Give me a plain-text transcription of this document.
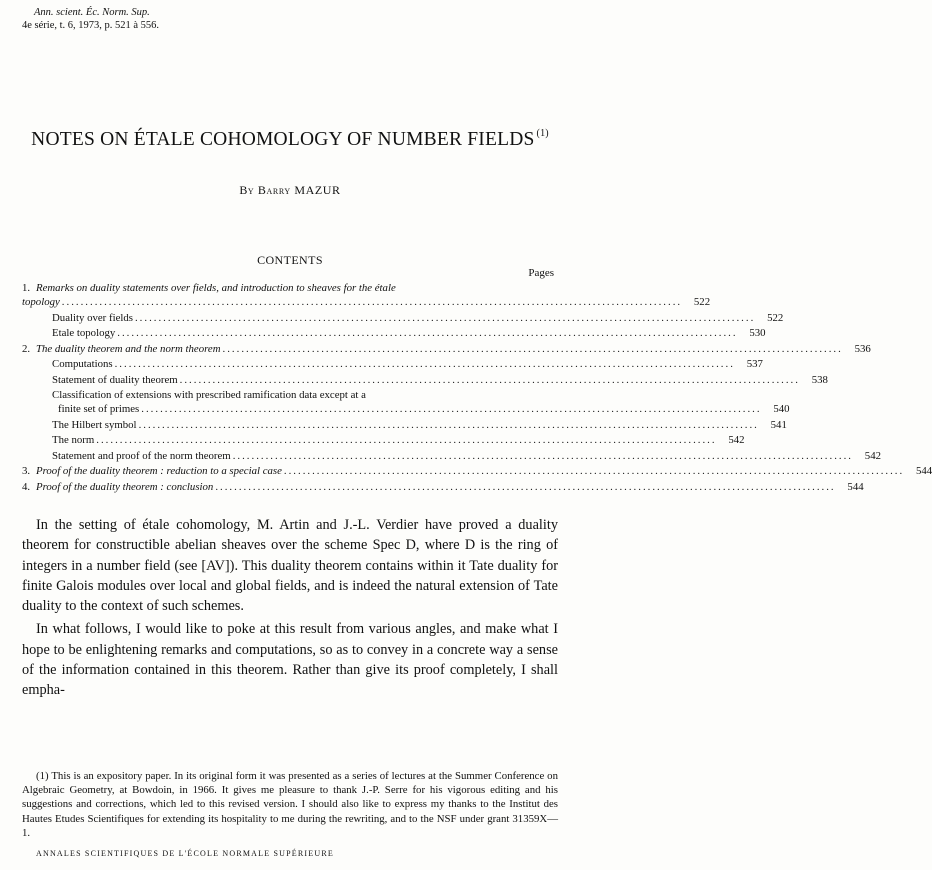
Ann. scient. Éc. Norm. Sup.
4e série, t. 6, 1973, p. 521 à 556.
NOTES ON ÉTALE COHOMOLOGY OF NUMBER FIELDS $^{(1)}$
By Barry MAZUR
CONTENTS
Pages
1. Remarks on duality statements over fields, and introduction to sheaves for the étale
topology ....................................................................................................................................	522
Duality over fields ....................................................................................................................................	522
Etale topology ....................................................................................................................................	530
2. The duality theorem and the norm theorem ....................................................................................................................................	536
Computations ....................................................................................................................................	537
Statement of duality theorem ....................................................................................................................................	538
Classification of extensions with prescribed ramification data except at a
finite set of primes ....................................................................................................................................	540
The Hilbert symbol ....................................................................................................................................	541
The norm ....................................................................................................................................	542
Statement and proof of the norm theorem ....................................................................................................................................	542
3. Proof of the duality theorem : reduction to a special case ....................................................................................................................................	544
4. Proof of the duality theorem : conclusion ....................................................................................................................................	544

In the setting of étale cohomology, M. Artin and J.-L. Verdier have proved a duality theorem for constructible abelian sheaves over the scheme Spec D, where D is the ring of integers in a number field (see [AV]). This duality theorem contains within it Tate duality for finite Galois modules over local and global fields, and is indeed the natural extension of Tate duality to the context of such schemes.

In what follows, I would like to poke at this result from various angles, and make what I hope to be enlightening remarks and computations, so as to convey in a concrete way a sense of the information contained in this theorem. Rather than give its proof completely, I shall empha-

(1) This is an expository paper. In its original form it was presented as a series of lectures at the Summer Conference on Algebraic Geometry, at Bowdoin, in 1966. It gives me pleasure to thank J.-P. Serre for his vigorous editing and his suggestions and corrections, which led to this revised version. I should also like to express my thanks to the Institut des Hautes Etudes Scientifiques for extending its hospitality to me during the rewriting, and to the NSF under grant 31359X—1.

ANNALES SCIENTIFIQUES DE L'ÉCOLE NORMALE SUPÉRIEURE
